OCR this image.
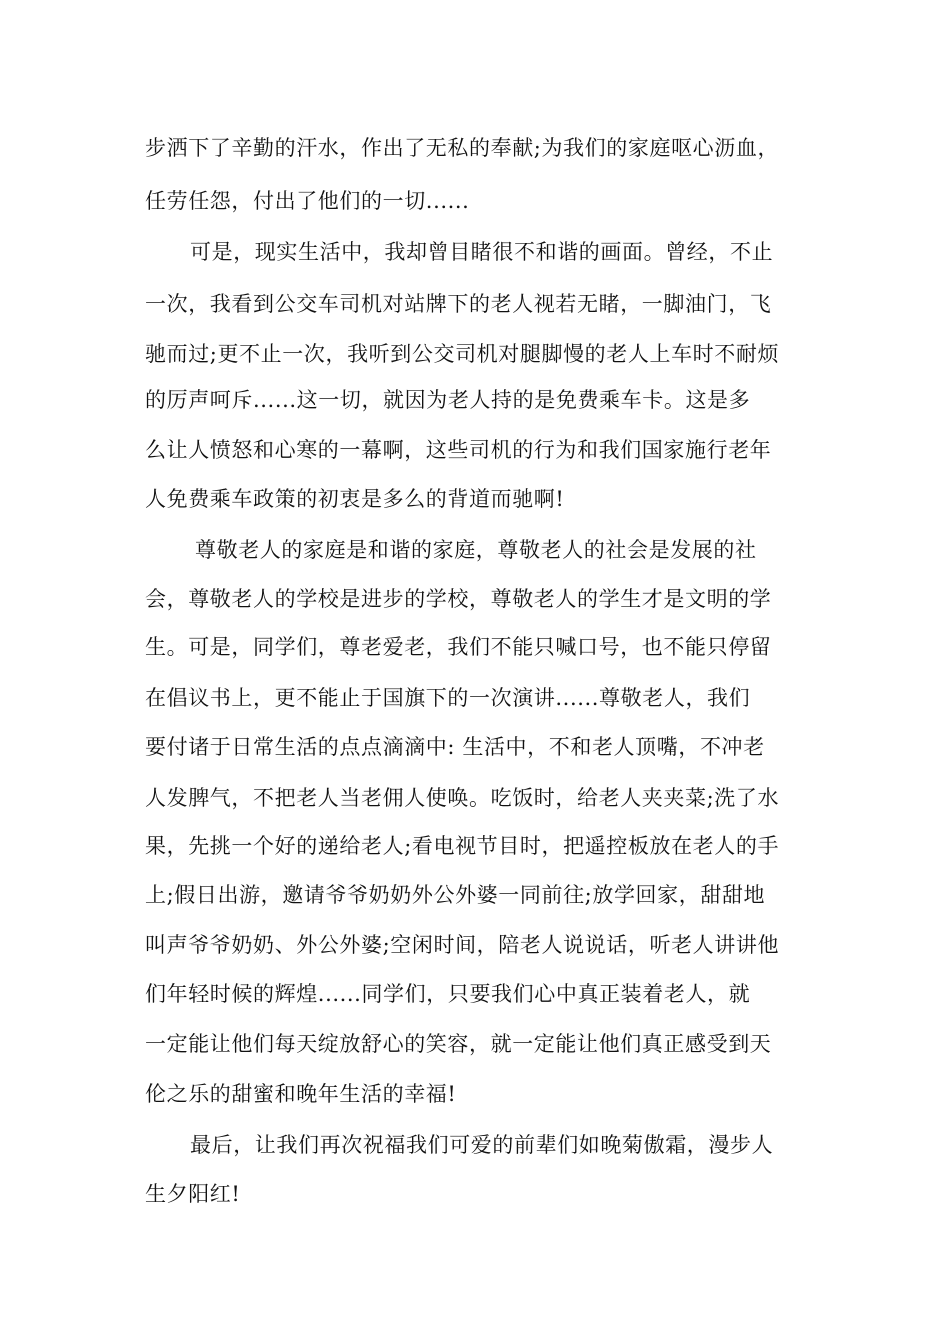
步洒下了辛勤的汗水，作出了无私的奉献;为我们的家庭呕心沥血，
任劳任怨，付出了他们的一切......
可是，现实生活中，我却曾目睹很不和谐的画面。曾经，不止
一次，我看到公交车司机对站牌下的老人视若无睹，一脚油门，飞
驰而过;更不止一次，我听到公交司机对腿脚慢的老人上车时不耐烦
的厉声呵斥......这一切，就因为老人持的是免费乘车卡。这是多
么让人愤怒和心寒的一幕啊，这些司机的行为和我们国家施行老年
人免费乘车政策的初衷是多么的背道而驰啊!
尊敬老人的家庭是和谐的家庭，尊敬老人的社会是发展的社
会，尊敬老人的学校是进步的学校，尊敬老人的学生才是文明的学
生。可是，同学们，尊老爱老，我们不能只喊口号，也不能只停留
在倡议书上，更不能止于国旗下的一次演讲......尊敬老人，我们
要付诸于日常生活的点点滴滴中: 生活中，不和老人顶嘴，不冲老
人发脾气，不把老人当老佣人使唤。吃饭时，给老人夹夹菜;洗了水
果，先挑一个好的递给老人;看电视节目时，把遥控板放在老人的手
上;假日出游，邀请爷爷奶奶外公外婆一同前往;放学回家，甜甜地
叫声爷爷奶奶、外公外婆;空闲时间，陪老人说说话，听老人讲讲他
们年轻时候的辉煌......同学们，只要我们心中真正装着老人，就
一定能让他们每天绽放舒心的笑容，就一定能让他们真正感受到天
伦之乐的甜蜜和晚年生活的幸福!
最后，让我们再次祝福我们可爱的前辈们如晚菊傲霜，漫步人
生夕阳红!
